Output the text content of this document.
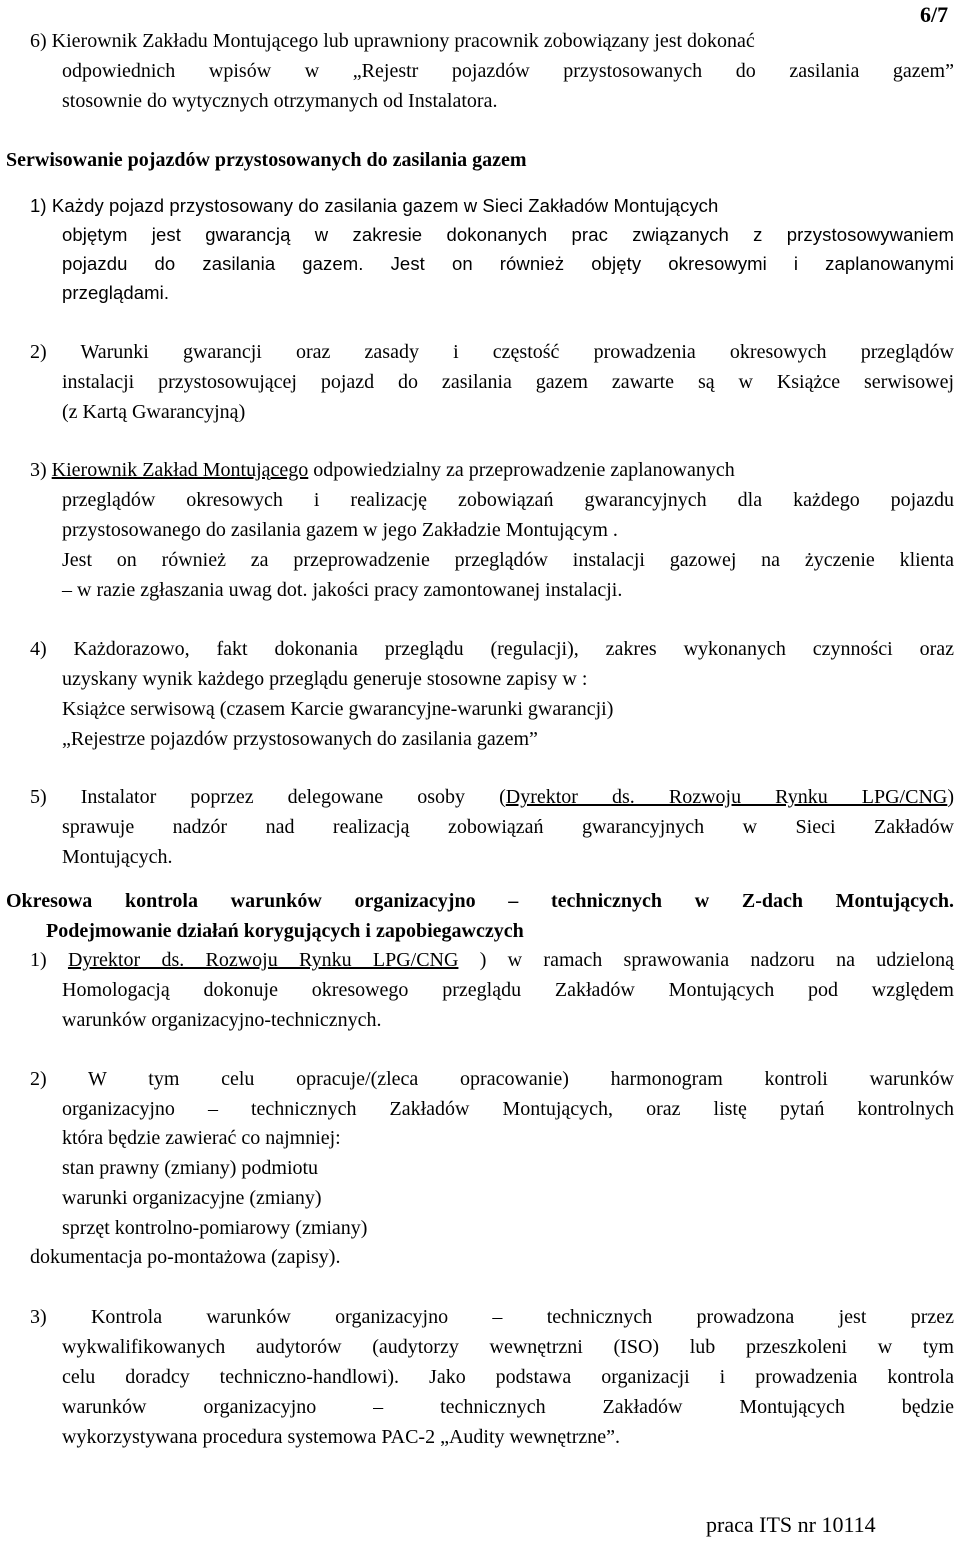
6/7
6) Kierownik Zakładu Montującego lub uprawniony pracownik zobowiązany jest dokonać
odpowiednich wpisów w „Rejestr pojazdów przystosowanych do zasilania gazem”
stosownie do wytycznych otrzymanych od Instalatora.
Serwisowanie pojazdów przystosowanych do zasilania gazem
1) Każdy pojazd przystosowany do zasilania gazem w Sieci Zakładów Montujących
objętym jest gwarancją w zakresie dokonanych prac związanych z przystosowywaniem
pojazdu do zasilania gazem. Jest on również objęty okresowymi i zaplanowanymi
przeglądami.
2) Warunki gwarancji oraz zasady i częstość prowadzenia okresowych przeglądów
instalacji przystosowującej pojazd do zasilania gazem zawarte są w Książce serwisowej
(z Kartą Gwarancyjną)
3) Kierownik Zakład Montującego odpowiedzialny za przeprowadzenie zaplanowanych
przeglądów okresowych i realizację zobowiązań gwarancyjnych dla każdego pojazdu
przystosowanego do zasilania gazem w jego Zakładzie Montującym .
Jest on również za przeprowadzenie przeglądów instalacji gazowej na życzenie klienta
– w razie zgłaszania uwag dot. jakości pracy zamontowanej instalacji.
4) Każdorazowo, fakt dokonania przeglądu (regulacji), zakres wykonanych czynności oraz
uzyskany wynik każdego przeglądu generuje stosowne zapisy w :
Książce serwisową (czasem Karcie gwarancyjne-warunki gwarancji)
„Rejestrze pojazdów przystosowanych do zasilania gazem”
5) Instalator poprzez delegowane osoby (Dyrektor ds. Rozwoju Rynku LPG/CNG)
sprawuje nadzór nad realizacją zobowiązań gwarancyjnych w Sieci Zakładów
Montujących.
Okresowa kontrola warunków organizacyjno – technicznych w Z-dach Montujących.
Podejmowanie działań korygujących i zapobiegawczych
1) Dyrektor ds. Rozwoju Rynku LPG/CNG ) w ramach sprawowania nadzoru na udzieloną
Homologacją dokonuje okresowego przeglądu Zakładów Montujących pod względem
warunków organizacyjno-technicznych.
2) W tym celu opracuje/(zleca opracowanie) harmonogram kontroli warunków
organizacyjno – technicznych Zakładów Montujących, oraz listę pytań kontrolnych
która będzie zawierać co najmniej:
stan prawny (zmiany) podmiotu
warunki organizacyjne (zmiany)
sprzęt kontrolno-pomiarowy (zmiany)
dokumentacja po-montażowa (zapisy).
3) Kontrola warunków organizacyjno – technicznych prowadzona jest przez
wykwalifikowanych audytorów (audytorzy wewnętrzni (ISO) lub przeszkoleni w tym
celu doradcy techniczno-handlowi). Jako podstawa organizacji i prowadzenia kontrola
warunków organizacyjno – technicznych Zakładów Montujących będzie
wykorzystywana procedura systemowa PAC-2 „Audity wewnętrzne”.
praca ITS nr 10114
